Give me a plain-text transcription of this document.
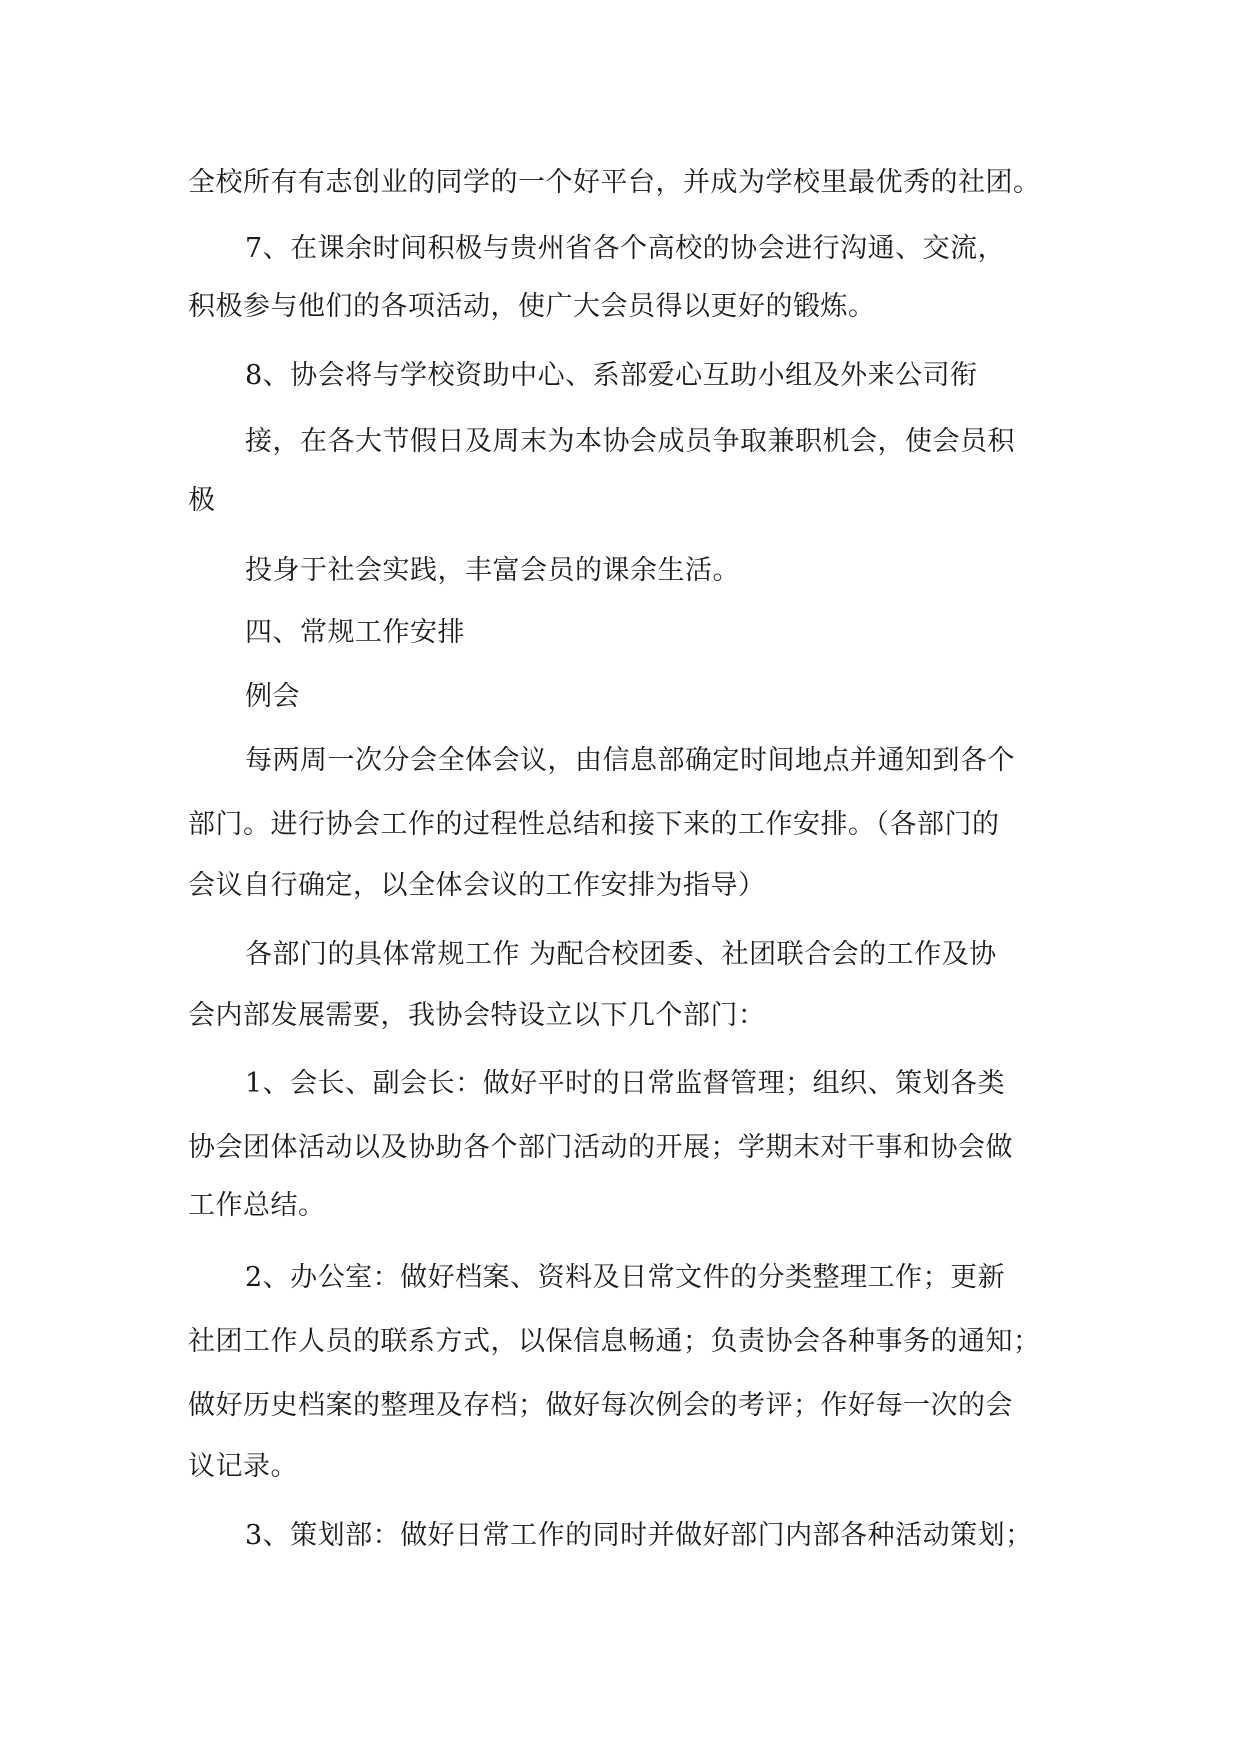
全校所有有志创业的同学的一个好平台，并成为学校里最优秀的社团。

7、在课余时间积极与贵州省各个高校的协会进行沟通、交流，

积极参与他们的各项活动，使广大会员得以更好的锻炼。

8、协会将与学校资助中心、系部爱心互助小组及外来公司衔

接，在各大节假日及周末为本协会成员争取兼职机会，使会员积

极

投身于社会实践，丰富会员的课余生活。

四、常规工作安排

例会

每两周一次分会全体会议，由信息部确定时间地点并通知到各个

部门。进行协会工作的过程性总结和接下来的工作安排。（各部门的

会议自行确定，以全体会议的工作安排为指导）

各部门的具体常规工作 为配合校团委、社团联合会的工作及协

会内部发展需要，我协会特设立以下几个部门：

1、会长、副会长：做好平时的日常监督管理；组织、策划各类

协会团体活动以及协助各个部门活动的开展；学期末对干事和协会做

工作总结。

2、办公室：做好档案、资料及日常文件的分类整理工作；更新

社团工作人员的联系方式，以保信息畅通；负责协会各种事务的通知；

做好历史档案的整理及存档；做好每次例会的考评；作好每一次的会

议记录。

3、策划部：做好日常工作的同时并做好部门内部各种活动策划；
